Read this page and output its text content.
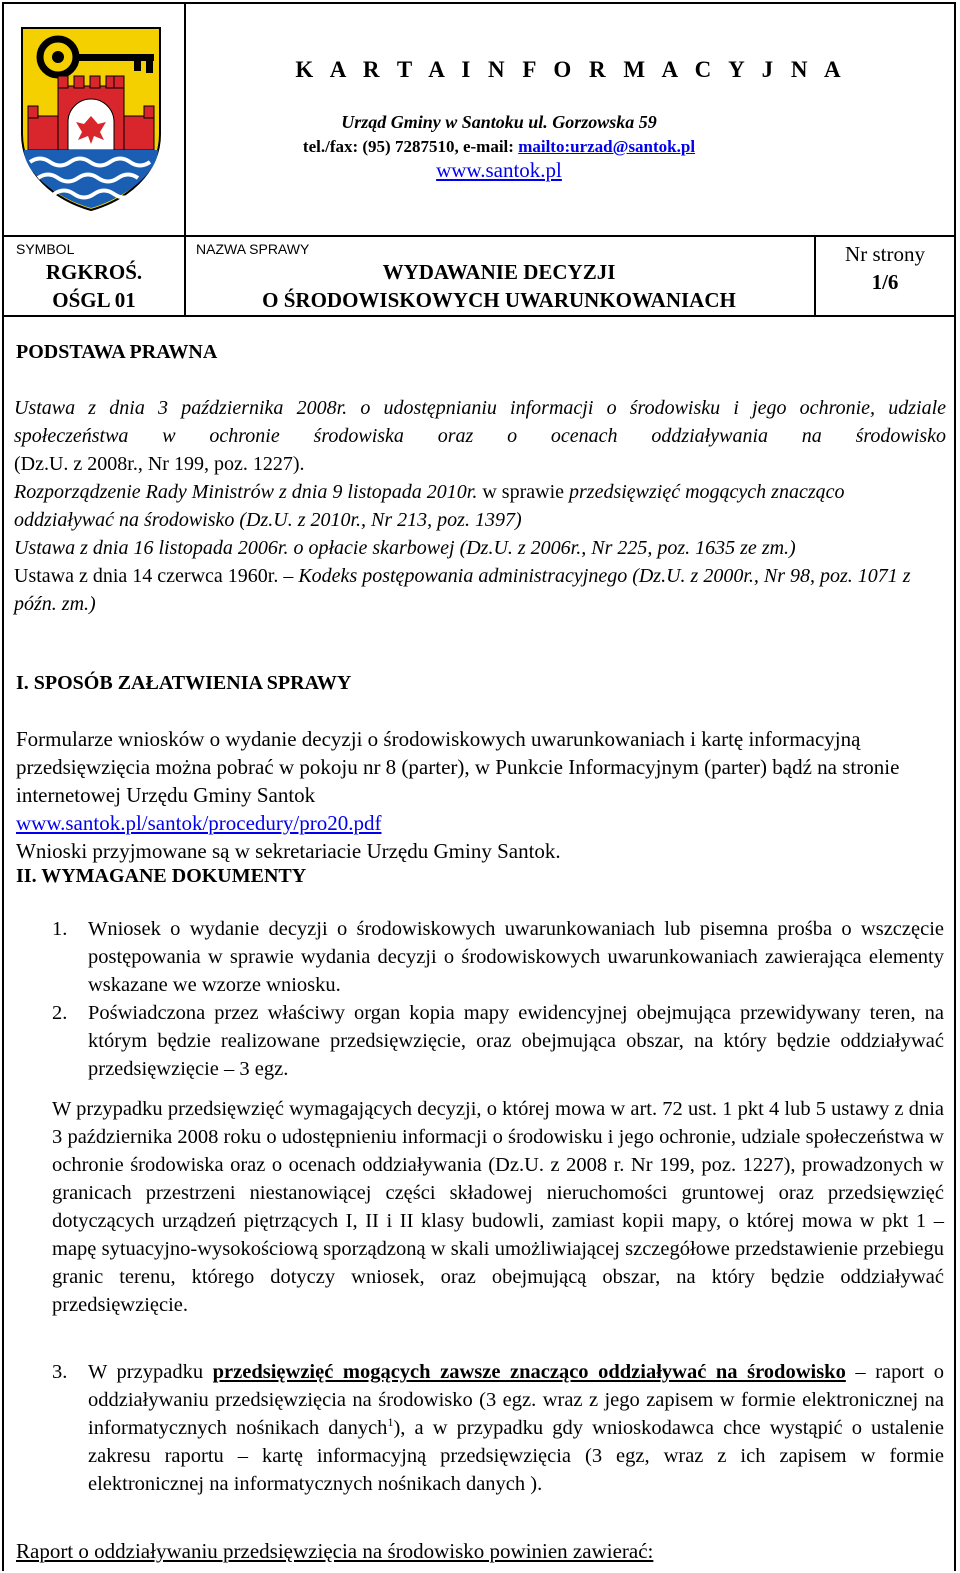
K A R T A I N F O R M A C Y J N A
Urząd Gminy w Santoku ul. Gorzowska 59
tel./fax: (95) 7287510, e-mail: mailto:urzad@santok.pl
www.santok.pl
SYMBOL
RGKROŚ.
OŚGL 01
NAZWA SPRAWY
WYDAWANIE DECYZJI
O ŚRODOWISKOWYCH UWARUNKOWANIACH
Nr strony
1/6
PODSTAWA PRAWNA

Ustawa z dnia 3 października 2008r. o udostępnianiu informacji o środowisku i jego ochronie, udziale społeczeństwa w ochronie środowiska oraz o ocenach oddziaływania na środowisko

(Dz.U. z 2008r., Nr 199, poz. 1227).

Rozporządzenie Rady Ministrów z dnia 9 listopada 2010r. w sprawie przedsięwzięć mogących znacząco oddziaływać na środowisko (Dz.U. z 2010r., Nr 213, poz. 1397)

Ustawa z dnia 16 listopada 2006r. o opłacie skarbowej (Dz.U. z 2006r., Nr 225, poz. 1635 ze zm.)

Ustawa z dnia 14 czerwca 1960r. – Kodeks postępowania administracyjnego (Dz.U. z 2000r., Nr 98, poz. 1071 z późn. zm.)

I. SPOSÓB ZAŁATWIENIA SPRAWY
Formularze wniosków o wydanie decyzji o środowiskowych uwarunkowaniach i kartę informacyjną przedsięwzięcia można pobrać w pokoju nr 8 (parter), w Punkcie Informacyjnym (parter) bądź na stronie internetowej Urzędu Gminy Santok
www.santok.pl/santok/procedury/pro20.pdf
Wnioski przyjmowane są w sekretariacie Urzędu Gminy Santok.
II. WYMAGANE DOKUMENTY
1. Wniosek o wydanie decyzji o środowiskowych uwarunkowaniach lub pisemna prośba o wszczęcie postępowania w sprawie wydania decyzji o środowiskowych uwarunkowaniach zawierająca elementy wskazane we wzorze wniosku.
2. Poświadczona przez właściwy organ kopia mapy ewidencyjnej obejmująca przewidywany teren, na którym będzie realizowane przedsięwzięcie, oraz obejmująca obszar, na który będzie oddziaływać przedsięwzięcie – 3 egz.
W przypadku przedsięwzięć wymagających decyzji, o której mowa w art. 72 ust. 1 pkt 4 lub 5 ustawy z dnia 3 października 2008 roku o udostępnieniu informacji o środowisku i jego ochronie, udziale społeczeństwa w ochronie środowiska oraz o ocenach oddziaływania (Dz.U. z 2008 r. Nr 199, poz. 1227), prowadzonych w granicach przestrzeni niestanowiącej części składowej nieruchomości gruntowej oraz przedsięwzięć dotyczących urządzeń piętrzących I, II i II klasy budowli, zamiast kopii mapy, o której mowa w pkt 1 – mapę sytuacyjno-wysokościową sporządzoną w skali umożliwiającej szczegółowe przedstawienie przebiegu granic terenu, którego dotyczy wniosek, oraz obejmującą obszar, na który będzie oddziaływać przedsięwzięcie.
3. W przypadku przedsięwzięć mogących zawsze znacząco oddziaływać na środowisko – raport o oddziaływaniu przedsięwzięcia na środowisko (3 egz. wraz z jego zapisem w formie elektronicznej na informatycznych nośnikach danych$^1$), a w przypadku gdy wnioskodawca chce wystąpić o ustalenie zakresu raportu – kartę informacyjną przedsięwzięcia (3 egz, wraz z ich zapisem w formie elektronicznej na informatycznych nośnikach danych ).
Raport o oddziaływaniu przedsięwzięcia na środowisko powinien zawierać:
